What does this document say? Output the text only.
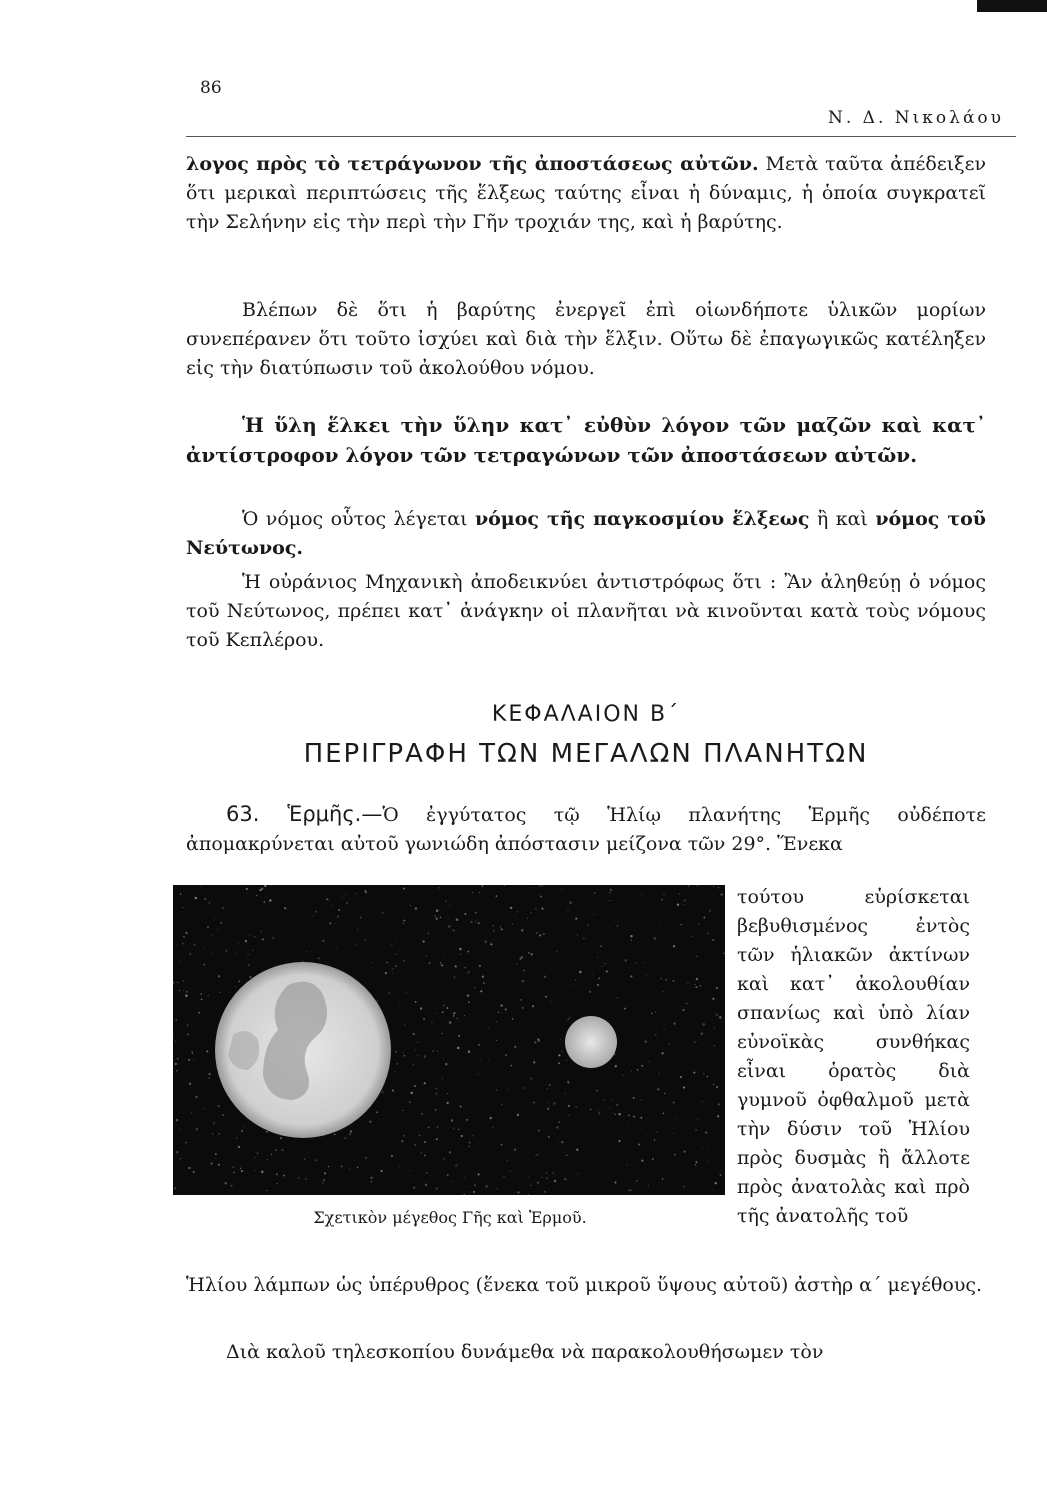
86
Ν. Δ. Νικολάου
λογος πρὸς τὸ τετράγωνον τῆς ἀποστάσεως αὐτῶν. Μετὰ ταῦτα ἀπέδειξεν ὅτι μερικαὶ περιπτώσεις τῆς ἕλξεως ταύτης εἶναι ἡ δύναμις, ἡ ὁποία συγκρατεῖ τὴν Σελήνην εἰς τὴν περὶ τὴν Γῆν τροχιάν της, καὶ ἡ βαρύτης.
Βλέπων δὲ ὅτι ἡ βαρύτης ἐνεργεῖ ἐπὶ οἱωνδήποτε ὑλικῶν μορίων συνεπέρανεν ὅτι τοῦτο ἰσχύει καὶ διὰ τὴν ἕλξιν. Οὕτω δὲ ἐπαγωγικῶς κατέληξεν εἰς τὴν διατύπωσιν τοῦ ἀκολούθου νόμου.
Ἡ ὕλη ἕλκει τὴν ὕλην κατ᾽ εὐθὺν λόγον τῶν μαζῶν καὶ κατ᾽ ἀντίστροφον λόγον τῶν τετραγώνων τῶν ἀποστάσεων αὐτῶν.
Ὁ νόμος οὗτος λέγεται νόμος τῆς παγκοσμίου ἕλξεως ἢ καὶ νόμος τοῦ Νεύτωνος.
Ἡ οὐράνιος Μηχανικὴ ἀποδεικνύει ἀντιστρόφως ὅτι : Ἂν ἀληθεύῃ ὁ νόμος τοῦ Νεύτωνος, πρέπει κατ᾽ ἀνάγκην οἱ πλανῆται νὰ κινοῦνται κατὰ τοὺς νόμους τοῦ Κεπλέρου.
ΚΕΦΑΛΑΙΟΝ Β΄
ΠΕΡΙΓΡΑΦΗ ΤΩΝ ΜΕΓΑΛΩΝ ΠΛΑΝΗΤΩΝ
63. Ἑρμῆς.—Ὁ ἐγγύτατος τῷ Ἡλίῳ πλανήτης Ἑρμῆς οὐδέποτε ἀπομακρύνεται αὐτοῦ γωνιώδη ἀπόστασιν μείζονα τῶν 29°. Ἕνεκα
Σχετικὸν μέγεθος Γῆς καὶ Ἑρμοῦ.
τούτου εὑρίσκεται βεβυθισμένος ἐντὸς τῶν ἡλιακῶν ἀκτίνων καὶ κατ᾽ ἀκολουθίαν σπανίως καὶ ὑπὸ λίαν εὐνοϊκὰς συνθήκας εἶναι ὁρατὸς διὰ γυμνοῦ ὀφθαλμοῦ μετὰ τὴν δύσιν τοῦ Ἡλίου πρὸς δυσμὰς ἢ ἄλλοτε πρὸς ἀνατολὰς καὶ πρὸ τῆς ἀνατολῆς τοῦ
Ἡλίου λάμπων ὡς ὑπέρυθρος (ἕνεκα τοῦ μικροῦ ὕψους αὐτοῦ) ἀστὴρ α΄ μεγέθους.
Διὰ καλοῦ τηλεσκοπίου δυνάμεθα νὰ παρακολουθήσωμεν τὸν
